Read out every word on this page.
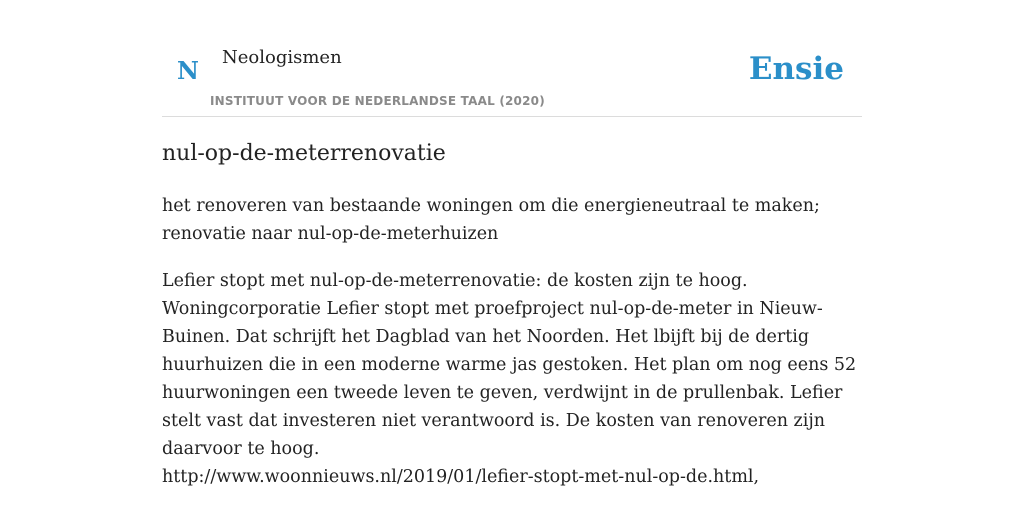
N Neologismen
INSTITUUT VOOR DE NEDERLANDSE TAAL (2020)
Ensie
nul-op-de-meterrenovatie

het renoveren van bestaande woningen om die energieneutraal te maken; renovatie naar nul-op-de-meterhuizen

Lefier stopt met nul-op-de-meterrenovatie: de kosten zijn te hoog. Woningcorporatie Lefier stopt met proefproject nul-op-de-meter in Nieuw-Buinen. Dat schrijft het Dagblad van het Noorden. Het lbijft bij de dertig huurhuizen die in een moderne warme jas gestoken. Het plan om nog eens 52 huurwoningen een tweede leven te geven, verdwijnt in de prullenbak. Lefier stelt vast dat investeren niet verantwoord is. De kosten van renoveren zijn daarvoor te hoog.
http://www.woonnieuws.nl/2019/01/lefier-stopt-met-nul-op-de.html,
